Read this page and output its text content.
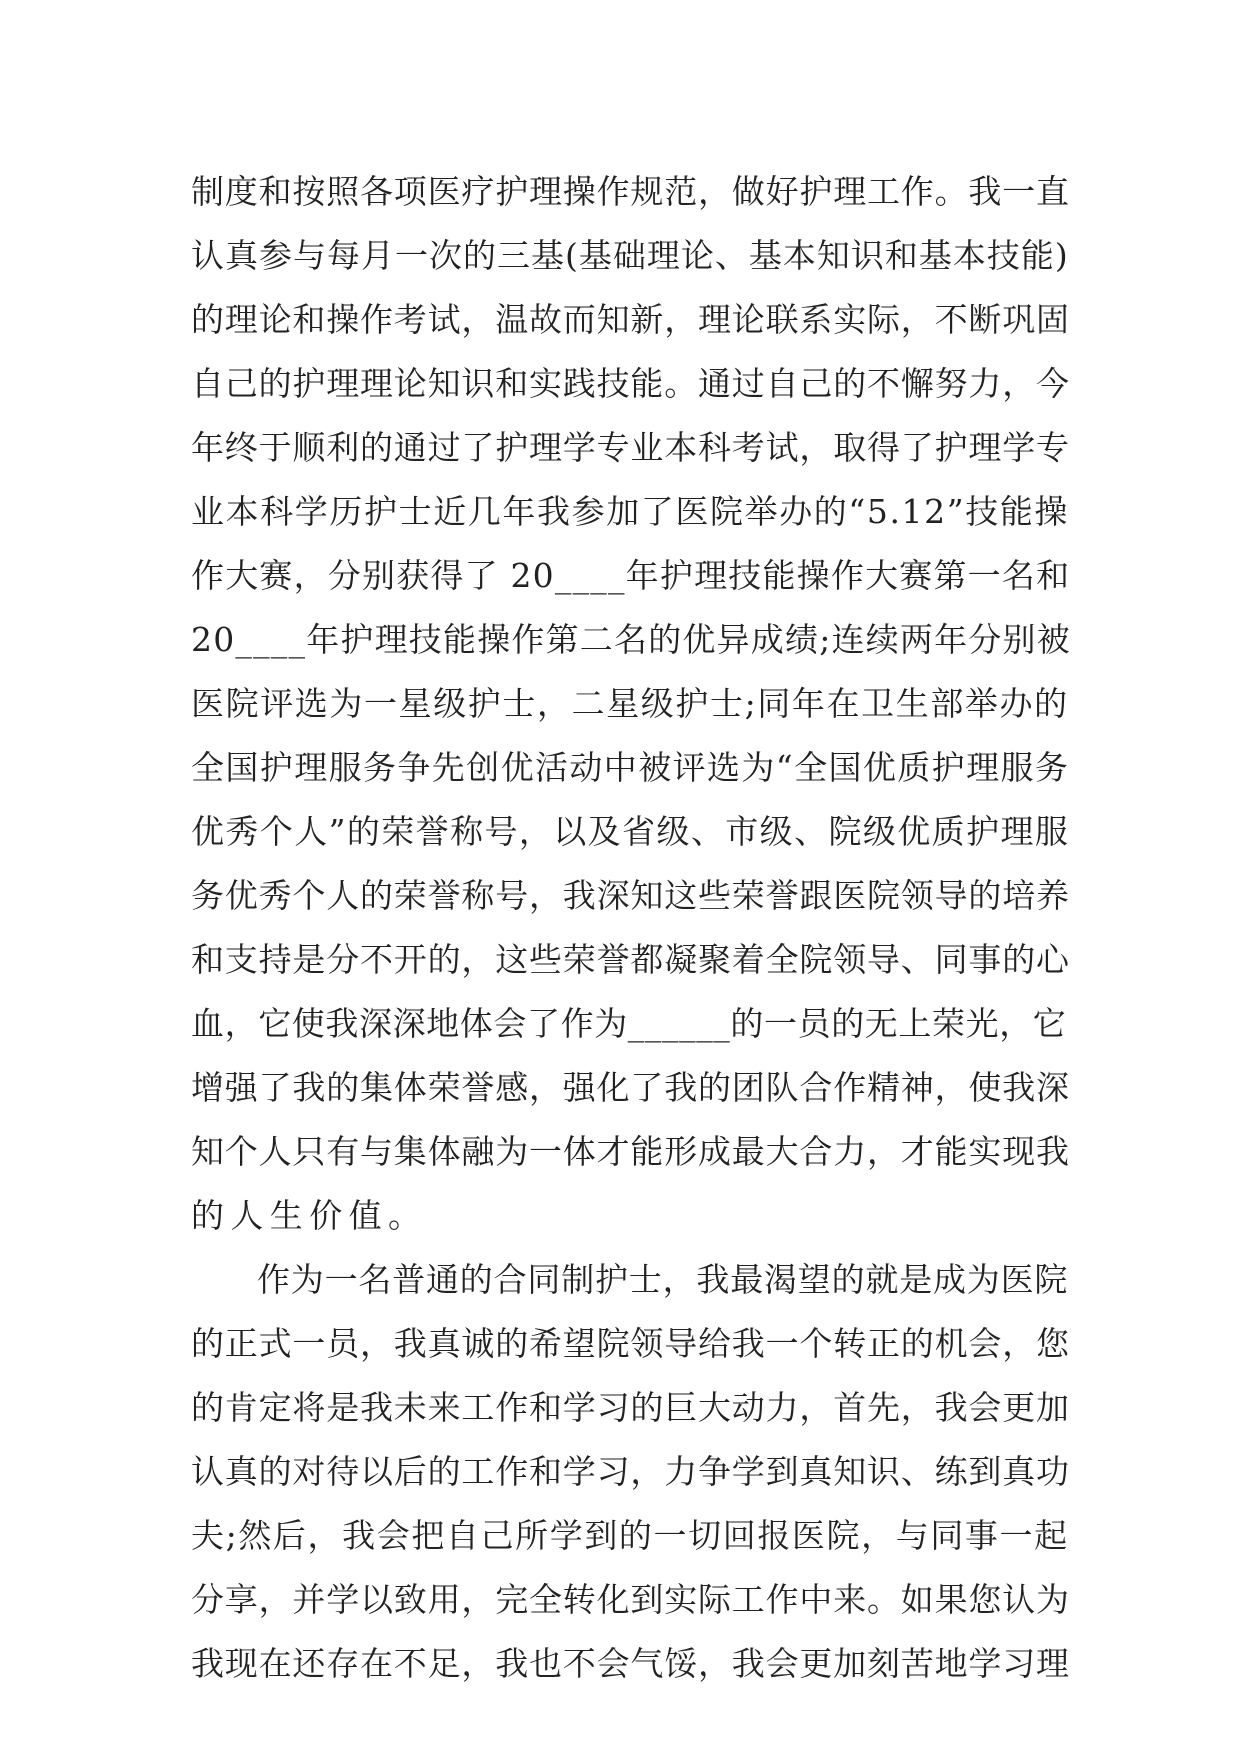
制度和按照各项医疗护理操作规范，做好护理工作。我一直
认真参与每月一次的三基(基础理论、基本知识和基本技能)
的理论和操作考试，温故而知新，理论联系实际，不断巩固
自己的护理理论知识和实践技能。通过自己的不懈努力，今
年终于顺利的通过了护理学专业本科考试，取得了护理学专
业本科学历护士近几年我参加了医院举办的“5.12”技能操
作大赛，分别获得了 20____年护理技能操作大赛第一名和
20____年护理技能操作第二名的优异成绩;连续两年分别被
医院评选为一星级护士，二星级护士;同年在卫生部举办的
全国护理服务争先创优活动中被评选为“全国优质护理服务
优秀个人”的荣誉称号，以及省级、市级、院级优质护理服
务优秀个人的荣誉称号，我深知这些荣誉跟医院领导的培养
和支持是分不开的，这些荣誉都凝聚着全院领导、同事的心
血，它使我深深地体会了作为______的一员的无上荣光，它
增强了我的集体荣誉感，强化了我的团队合作精神，使我深
知个人只有与集体融为一体才能形成最大合力，才能实现我
的人生价值。
作为一名普通的合同制护士，我最渴望的就是成为医院
的正式一员，我真诚的希望院领导给我一个转正的机会，您
的肯定将是我未来工作和学习的巨大动力，首先，我会更加
认真的对待以后的工作和学习，力争学到真知识、练到真功
夫;然后，我会把自己所学到的一切回报医院，与同事一起
分享，并学以致用，完全转化到实际工作中来。如果您认为
我现在还存在不足，我也不会气馁，我会更加刻苦地学习理
